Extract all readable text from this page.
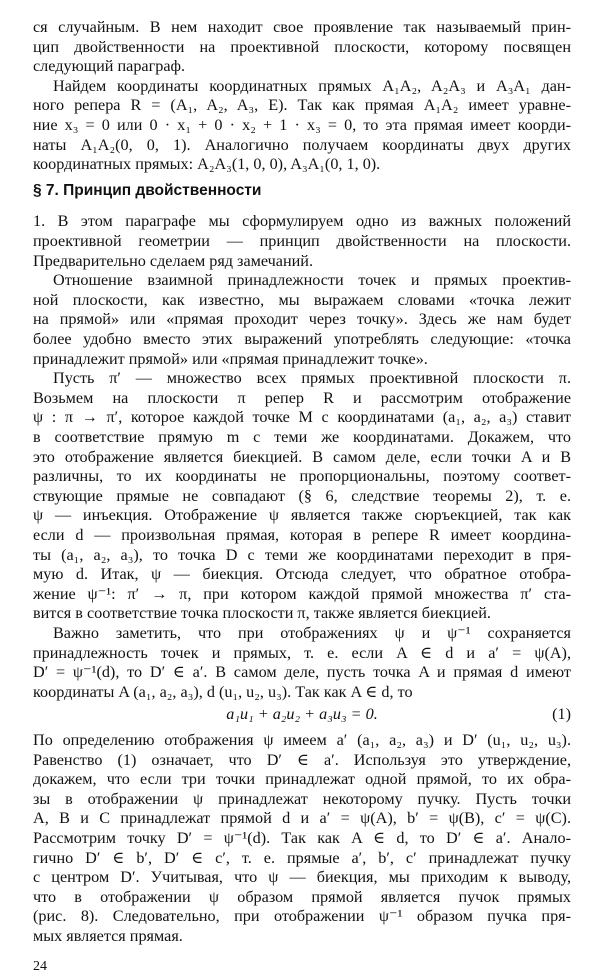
ся случайным. В нем находит свое проявление так называемый прин-
цип двойственности на проективной плоскости, которому посвящен
следующий параграф.
Найдем координаты координатных прямых A₁A₂, A₂A₃ и A₃A₁ дан-
ного репера R = (A₁, A₂, A₃, E). Так как прямая A₁A₂ имеет уравне-
ние x₃ = 0 или 0 · x₁ + 0 · x₂ + 1 · x₃ = 0, то эта прямая имеет коорди-
наты A₁A₂(0, 0, 1). Аналогично получаем координаты двух других
координатных прямых: A₂A₃(1, 0, 0), A₃A₁(0, 1, 0).
§ 7. Принцип двойственности
1. В этом параграфе мы сформулируем одно из важных положений
проективной геометрии — принцип двойственности на плоскости.
Предварительно сделаем ряд замечаний.
Отношение взаимной принадлежности точек и прямых проектив-
ной плоскости, как известно, мы выражаем словами «точка лежит
на прямой» или «прямая проходит через точку». Здесь же нам будет
более удобно вместо этих выражений употреблять следующие: «точка
принадлежит прямой» или «прямая принадлежит точке».
Пусть π′ — множество всех прямых проективной плоскости π.
Возьмем на плоскости π репер R и рассмотрим отображение
ψ : π → π′, которое каждой точке M с координатами (a₁, a₂, a₃) ставит
в соответствие прямую m с теми же координатами. Докажем, что
это отображение является биекцией. В самом деле, если точки A и B
различны, то их координаты не пропорциональны, поэтому соответ-
ствующие прямые не совпадают (§ 6, следствие теоремы 2), т. е.
ψ — инъекция. Отображение ψ является также сюръекцией, так как
если d — произвольная прямая, которая в репере R имеет координа-
ты (a₁, a₂, a₃), то точка D с теми же координатами переходит в пря-
мую d. Итак, ψ — биекция. Отсюда следует, что обратное отобра-
жение ψ⁻¹: π′ → π, при котором каждой прямой множества π′ ста-
вится в соответствие точка плоскости π, также является биекцией.
Важно заметить, что при отображениях ψ и ψ⁻¹ сохраняется
принадлежность точек и прямых, т. е. если A ∈ d и a′ = ψ(A),
D′ = ψ⁻¹(d), то D′ ∈ a′. В самом деле, пусть точка A и прямая d имеют
координаты A (a₁, a₂, a₃), d (u₁, u₂, u₃). Так как A ∈ d, то
a₁u₁ + a₂u₂ + a₃u₃ = 0.	(1)
По определению отображения ψ имеем a′ (a₁, a₂, a₃) и D′ (u₁, u₂, u₃).
Равенство (1) означает, что D′ ∈ a′. Используя это утверждение,
докажем, что если три точки принадлежат одной прямой, то их обра-
зы в отображении ψ принадлежат некоторому пучку. Пусть точки
A, B и C принадлежат прямой d и a′ = ψ(A), b′ = ψ(B), c′ = ψ(C).
Рассмотрим точку D′ = ψ⁻¹(d). Так как A ∈ d, то D′ ∈ a′. Анало-
гично D′ ∈ b′, D′ ∈ c′, т. е. прямые a′, b′, c′ принадлежат пучку
с центром D′. Учитывая, что ψ — биекция, мы приходим к выводу,
что в отображении ψ образом прямой является пучок прямых
(рис. 8). Следовательно, при отображении ψ⁻¹ образом пучка пря-
мых является прямая.
24
